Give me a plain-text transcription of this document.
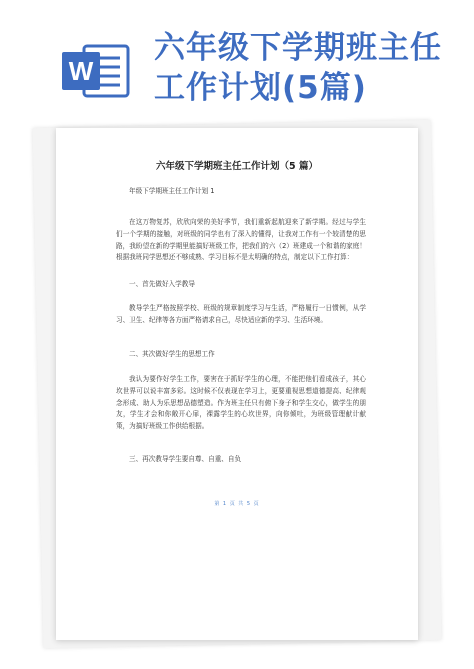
W
六年级下学期班主任工作计划(5篇)
六年级下学期班主任工作计划（5 篇）
年级下学期班主任工作计划 1
在这万物复苏，欣欣向荣的美好季节，我们重新起航迎来了新学期。经过与学生们一个学期的接触，对班级的同学也有了深入的懂得，让我对工作有一个较清楚的思路，我盼望在新的学期里能搞好班级工作，把我们的六（2）班建成一个和谐的家庭！根据我班同学思想还不够成熟、学习目标不是太明确的特点，制定以下工作打算：
一、首先做好入学教导
教导学生严格按照学校、班级的规章制度学习与生活，严格履行一日惯例，从学习、卫生、纪律等各方面严格请求自己，尽快适应新的学习、生活环境。
二、其次做好学生的思想工作
我认为要作好学生工作，要害在于抓好学生的心理，不能把他们看成孩子，其心坎世界可以说丰富多彩。这时候不仅表现在学习上，更要重视思想道德提高、纪律观念形成、助人为乐思想品德塑造。作为班主任只有俯下身子和学生交心，做学生的朋友，学生才会和你敞开心扉，裸露学生的心坎世界，向你倾吐，为班级管理献计献策，为搞好班级工作供给根据。
三、再次教导学生要自尊、自重、自负
第 1 页 共 5 页
